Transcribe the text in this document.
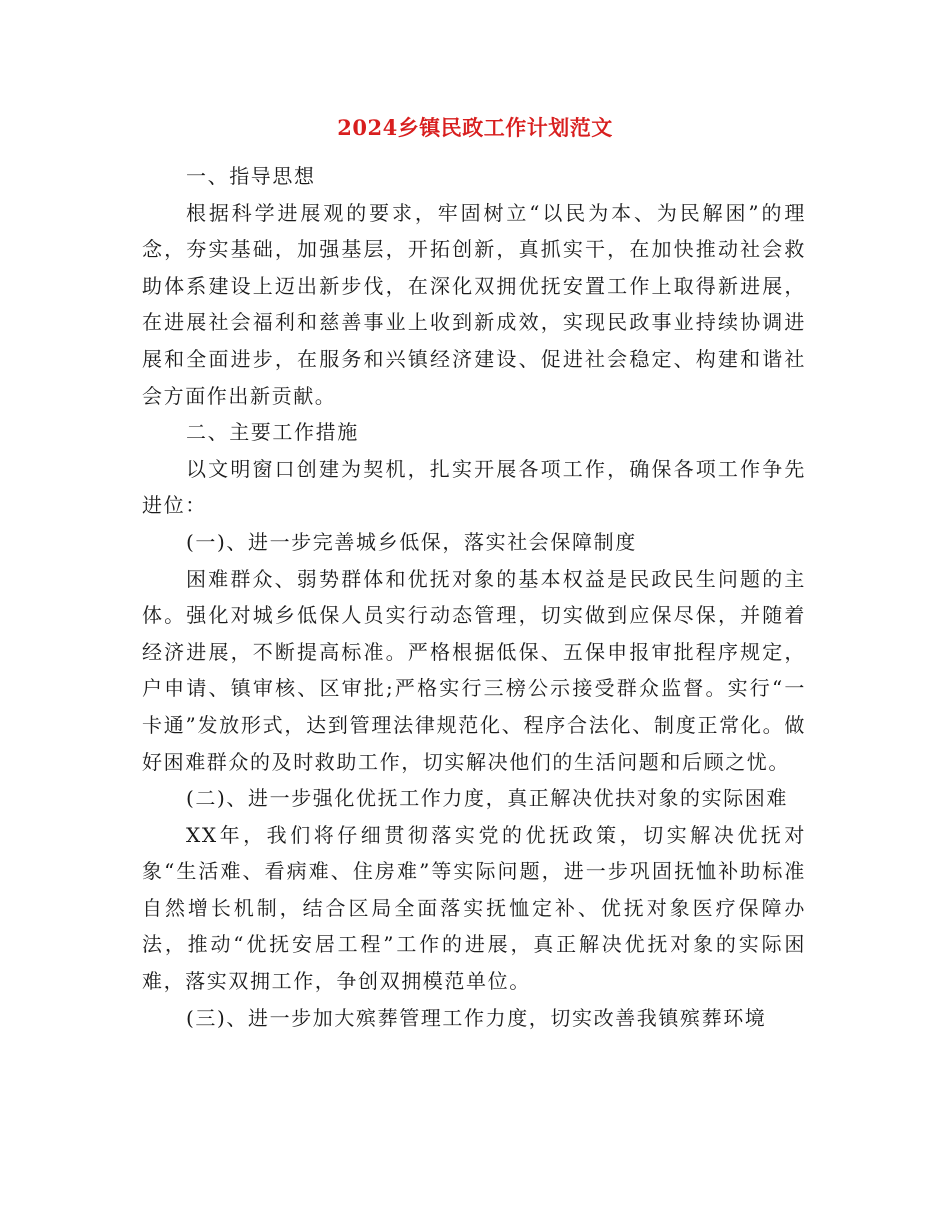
2024乡镇民政工作计划范文

一、指导思想

根据科学进展观的要求，牢固树立“以民为本、为民解困”的理念，夯实基础，加强基层，开拓创新，真抓实干，在加快推动社会救助体系建设上迈出新步伐，在深化双拥优抚安置工作上取得新进展，在进展社会福利和慈善事业上收到新成效，实现民政事业持续协调进展和全面进步，在服务和兴镇经济建设、促进社会稳定、构建和谐社会方面作出新贡献。

二、主要工作措施

以文明窗口创建为契机，扎实开展各项工作，确保各项工作争先进位：

(一)、进一步完善城乡低保，落实社会保障制度

困难群众、弱势群体和优抚对象的基本权益是民政民生问题的主体。强化对城乡低保人员实行动态管理，切实做到应保尽保，并随着经济进展，不断提高标准。严格根据低保、五保申报审批程序规定，户申请、镇审核、区审批;严格实行三榜公示接受群众监督。实行“一卡通”发放形式，达到管理法律规范化、程序合法化、制度正常化。做好困难群众的及时救助工作，切实解决他们的生活问题和后顾之忧。

(二)、进一步强化优抚工作力度，真正解决优扶对象的实际困难

XX年，我们将仔细贯彻落实党的优抚政策，切实解决优抚对象“生活难、看病难、住房难”等实际问题，进一步巩固抚恤补助标准自然增长机制，结合区局全面落实抚恤定补、优抚对象医疗保障办法，推动“优抚安居工程”工作的进展，真正解决优抚对象的实际困难，落实双拥工作，争创双拥模范单位。

(三)、进一步加大殡葬管理工作力度，切实改善我镇殡葬环境
